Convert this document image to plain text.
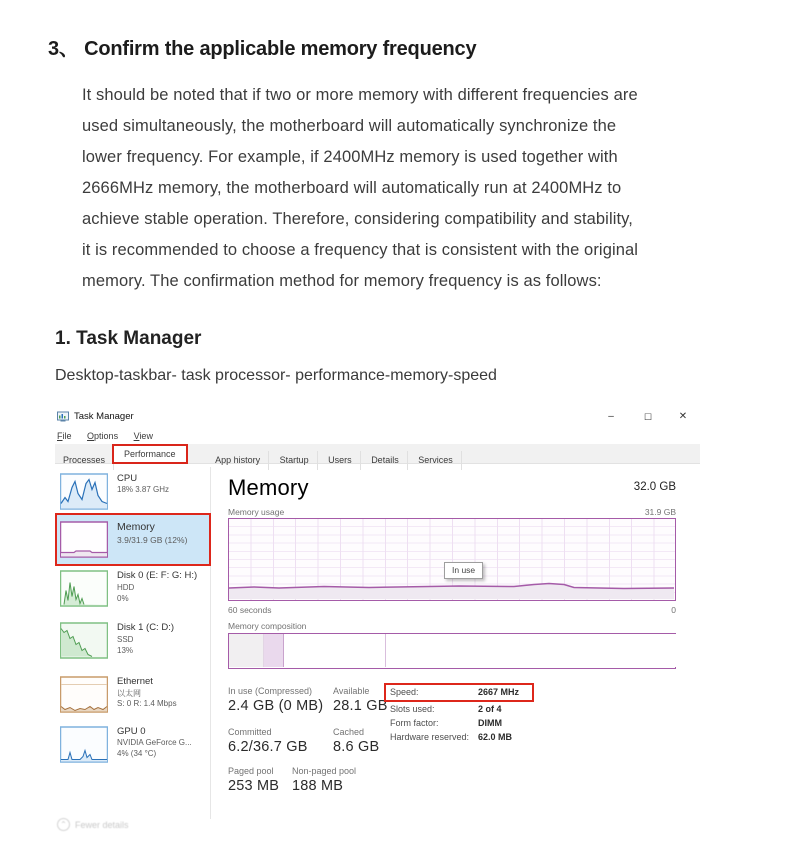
3、 Confirm the applicable memory frequency
It should be noted that if two or more memory with different frequencies are
used simultaneously, the motherboard will automatically synchronize the
lower frequency. For example, if 2400MHz memory is used together with
2666MHz memory, the motherboard will automatically run at 2400MHz to
achieve stable operation. Therefore, considering compatibility and stability,
it is recommended to choose a frequency that is consistent with the original
memory. The confirmation method for memory frequency is as follows:
1. Task Manager
Desktop-taskbar- task processor- performance-memory-speed
Task Manager	–	☐	✕
File Options View
Processes	App history Startup Users Details Services
Performance
CPU
18% 3.87 GHz
Memory
3.9/31.9 GB (12%)
Disk 0 (E: F: G: H:)
HDD
0%
Disk 1 (C: D:)
SSD
13%
Ethernet
以太网
S: 0 R: 1.4 Mbps
GPU 0
NVIDIA GeForce G...
4% (34 °C)
Memory	32.0 GB
Memory usage	31.9 GB
In use
60 seconds	0
Memory composition
In use (Compressed) Available
2.4 GB (0 MB) 28.1 GB
Committed	Cached
6.2/36.7 GB 8.6 GB
Paged pool Non-paged pool
253 MB 188 MB
Speed:	2667 MHz
Slots used:	2 of 4
Form factor:	DIMM
Hardware reserved: 62.0 MB
⌃ Fewer details
